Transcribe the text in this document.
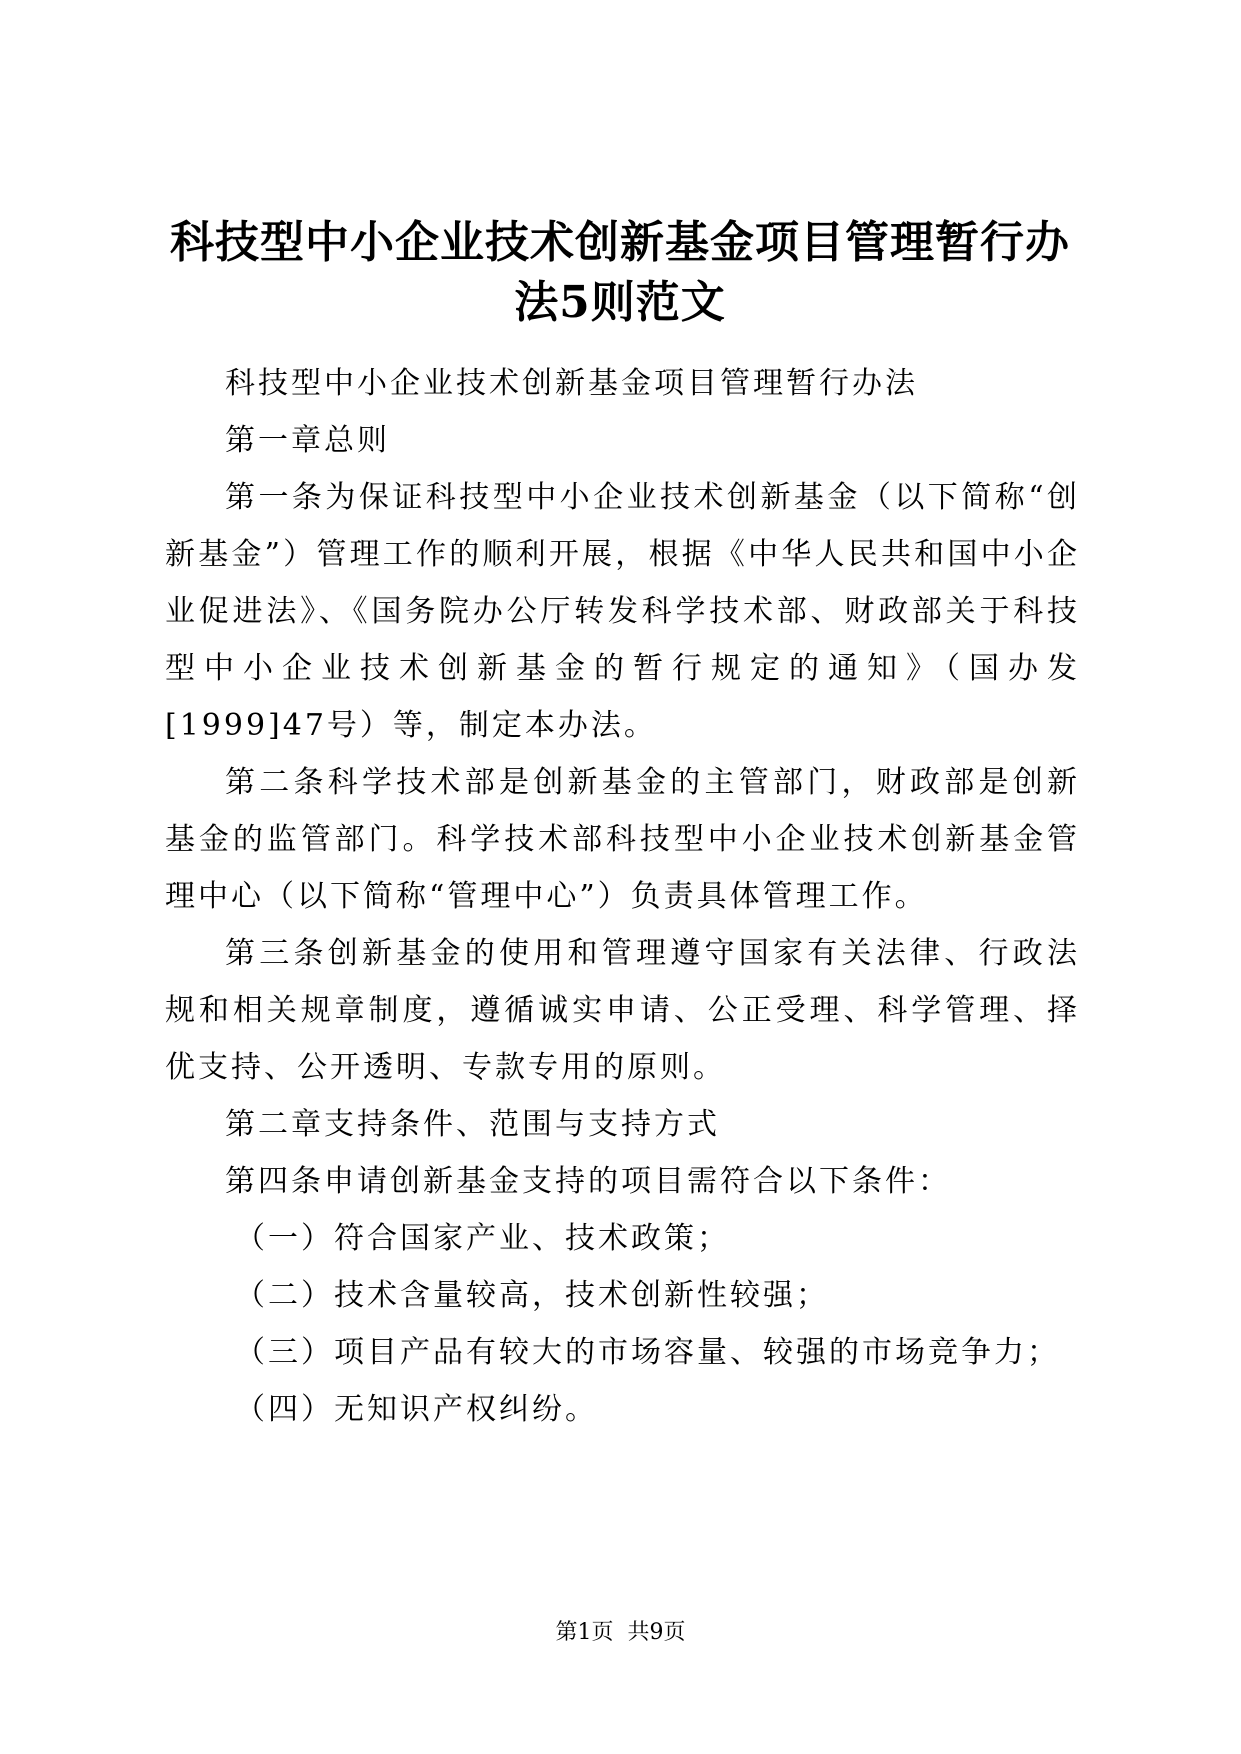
科技型中小企业技术创新基金项目管理暂行办法5则范文

科技型中小企业技术创新基金项目管理暂行办法

第一章总则

第一条为保证科技型中小企业技术创新基金（以下简称“创新基金”）管理工作的顺利开展，根据《中华人民共和国中小企业促进法》、《国务院办公厅转发科学技术部、财政部关于科技型中小企业技术创新基金的暂行规定的通知》（国办发[1999]47号）等，制定本办法。

第二条科学技术部是创新基金的主管部门，财政部是创新基金的监管部门。科学技术部科技型中小企业技术创新基金管理中心（以下简称“管理中心”）负责具体管理工作。

第三条创新基金的使用和管理遵守国家有关法律、行政法规和相关规章制度，遵循诚实申请、公正受理、科学管理、择优支持、公开透明、专款专用的原则。

第二章支持条件、范围与支持方式

第四条申请创新基金支持的项目需符合以下条件：

（一）符合国家产业、技术政策；

（二）技术含量较高，技术创新性较强；

（三）项目产品有较大的市场容量、较强的市场竞争力；

（四）无知识产权纠纷。

第1页 共9页
